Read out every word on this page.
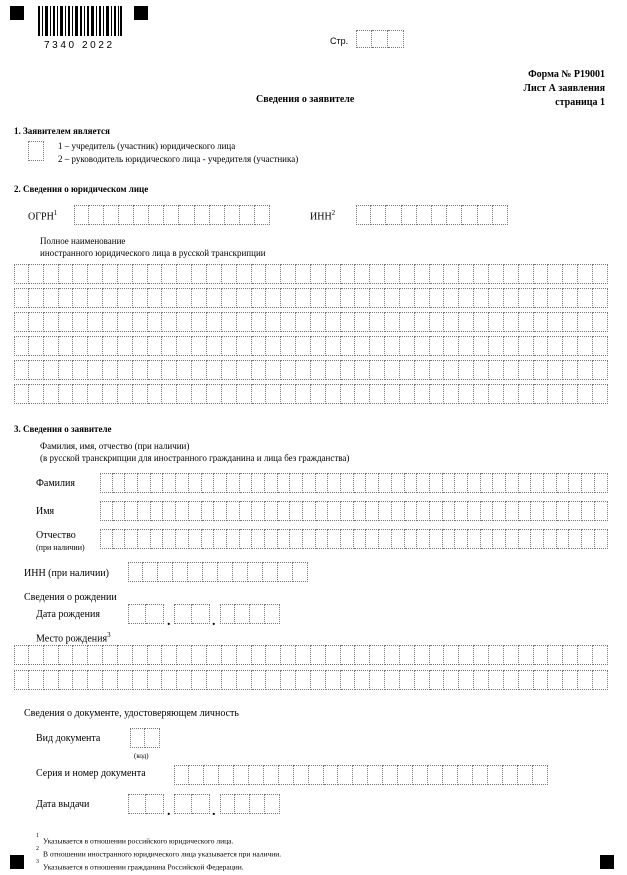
7340 2022	Стр.
Форма № Р19001
Лист А заявления
страница 1
Сведения о заявителе
1. Заявителем является
1 – учредитель (участник) юридического лица
2 – руководитель юридического лица - учредителя (участника)
2. Сведения о юридическом лице
ОГРН$^1$	ИНН$^2$
Полное наименование
иностранного юридического лица в русской транскрипции
3. Сведения о заявителе
Фамилия, имя, отчество (при наличии)
(в русской транскрипции для иностранного гражданина и лица без гражданства)
Фамилия
Имя
Отчество
(при наличии)
ИНН (при наличии)
Сведения о рождении
Дата рождения	.	.
Место рождения$^3$
Сведения о документе, удостоверяющем личность
Вид документа
(код)
Серия и номер документа
Дата выдачи	.	.
$^1$Указывается в отношении российского юридического лица.
$^2$В отношении иностранного юридического лица указывается при наличии.
$^3$Указывается в отношении гражданина Российской Федерации.
